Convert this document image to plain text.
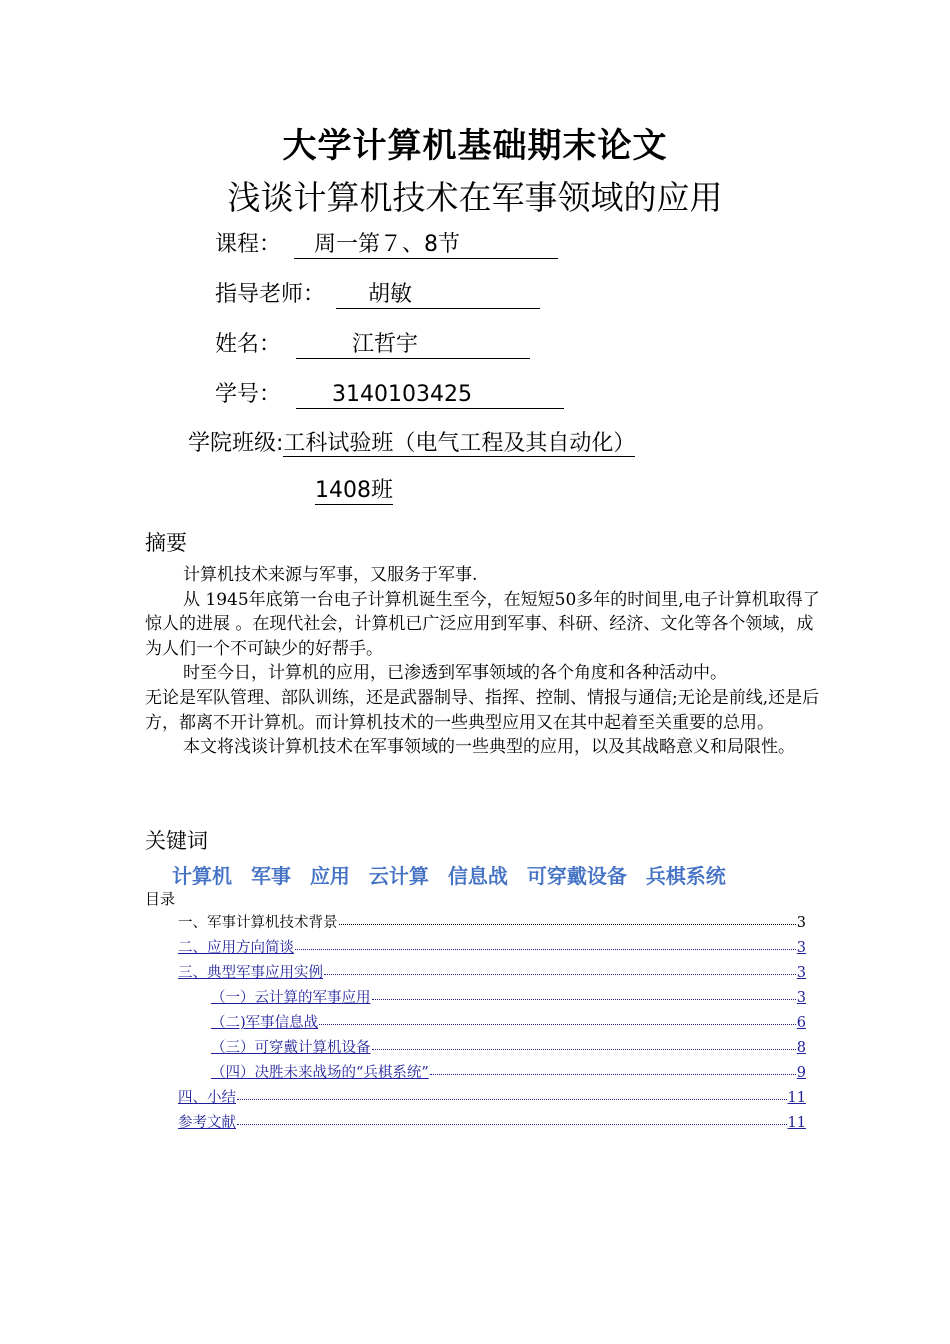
大学计算机基础期末论文
浅谈计算机技术在军事领域的应用
课程： 周一第７、8节
指导老师： 胡敏
姓名：	江哲宇
学号： 3140103425
学院班级:工科试验班（电气工程及其自动化）
1408班
摘要

计算机技术来源与军事，又服务于军事.

从 1945年底第一台电子计算机诞生至今，在短短50多年的时间里,电子计算机取得了惊人的进展 。在现代社会，计算机已广泛应用到军事、科研、经济、文化等各个领域，成为人们一个不可缺少的好帮手。

时至今日，计算机的应用，已渗透到军事领域的各个角度和各种活动中。

无论是军队管理、部队训练，还是武器制导、指挥、控制、情报与通信;无论是前线,还是后方，都离不开计算机。而计算机技术的一些典型应用又在其中起着至关重要的总用。

本文将浅谈计算机技术在军事领域的一些典型的应用，以及其战略意义和局限性。

关键词
计算机 军事 应用 云计算 信息战 可穿戴设备 兵棋系统
目录
一、军事计算机技术背景	3
二、应用方向简谈	3
三、典型军事应用实例	3
（一）云计算的军事应用	3
（二)军事信息战	6
（三）可穿戴计算机设备	8
（四）决胜未来战场的“兵棋系统”	9
四、小结	11
参考文献	11
